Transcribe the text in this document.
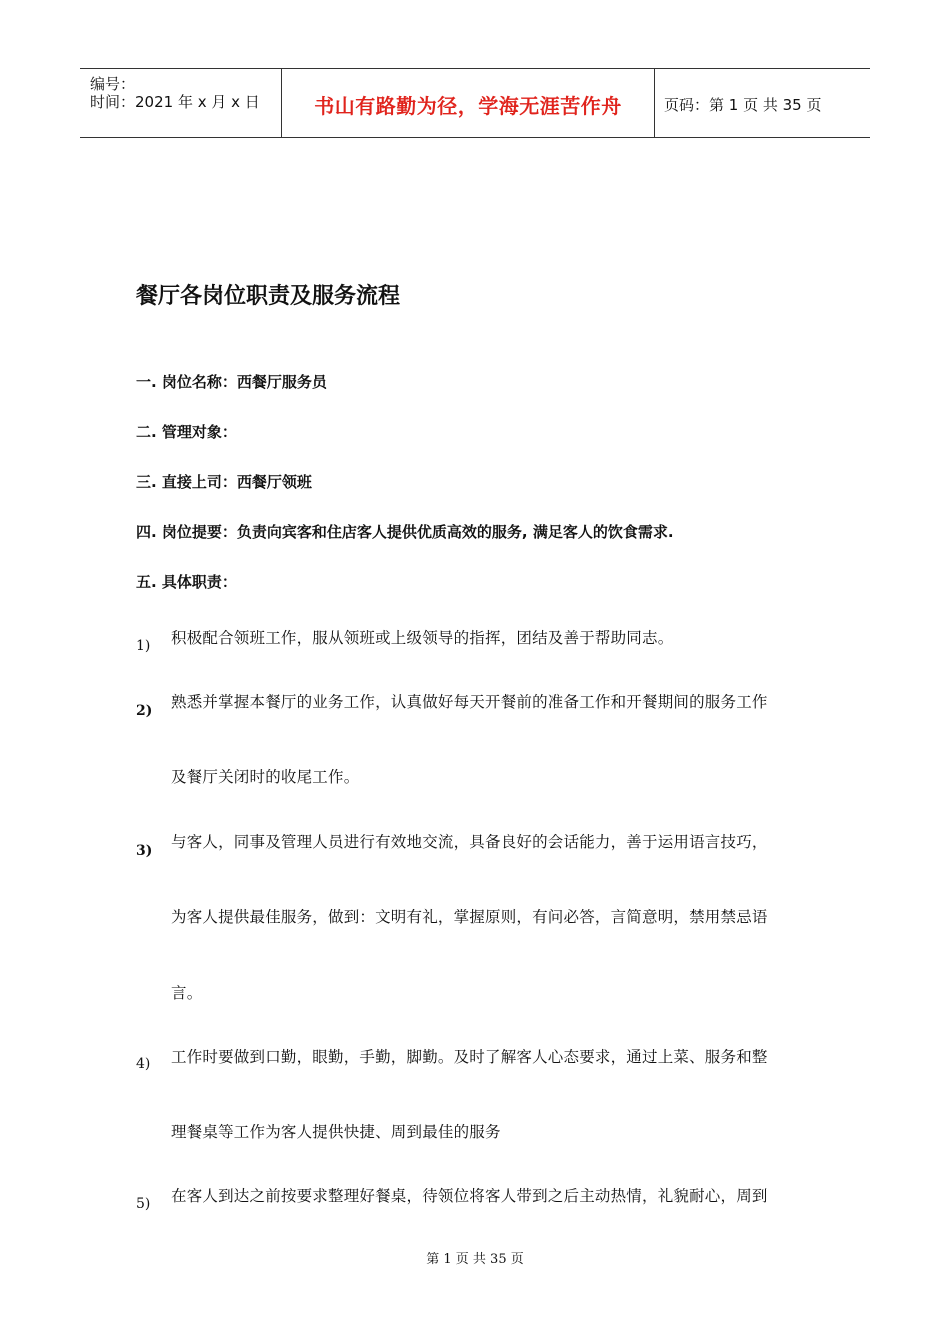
编号：
时间：2021 年 x 月 x 日	书山有路勤为径，学海无涯苦作舟	页码：第 1 页 共 35 页
餐厅各岗位职责及服务流程
一. 岗位名称：西餐厅服务员
二. 管理对象：
三. 直接上司：西餐厅领班
四. 岗位提要：负责向宾客和住店客人提供优质高效的服务, 满足客人的饮食需求.
五. 具体职责：
1) 积极配合领班工作，服从领班或上级领导的指挥，团结及善于帮助同志。
2) 熟悉并掌握本餐厅的业务工作，认真做好每天开餐前的准备工作和开餐期间的服务工作
及餐厅关闭时的收尾工作。
3) 与客人，同事及管理人员进行有效地交流，具备良好的会话能力，善于运用语言技巧，
为客人提供最佳服务，做到：文明有礼，掌握原则，有问必答，言简意明，禁用禁忌语
言。
4) 工作时要做到口勤，眼勤，手勤，脚勤。及时了解客人心态要求，通过上菜、服务和整
理餐桌等工作为客人提供快捷、周到最佳的服务
5) 在客人到达之前按要求整理好餐桌，待领位将客人带到之后主动热情，礼貌耐心，周到
第 1 页 共 35 页
